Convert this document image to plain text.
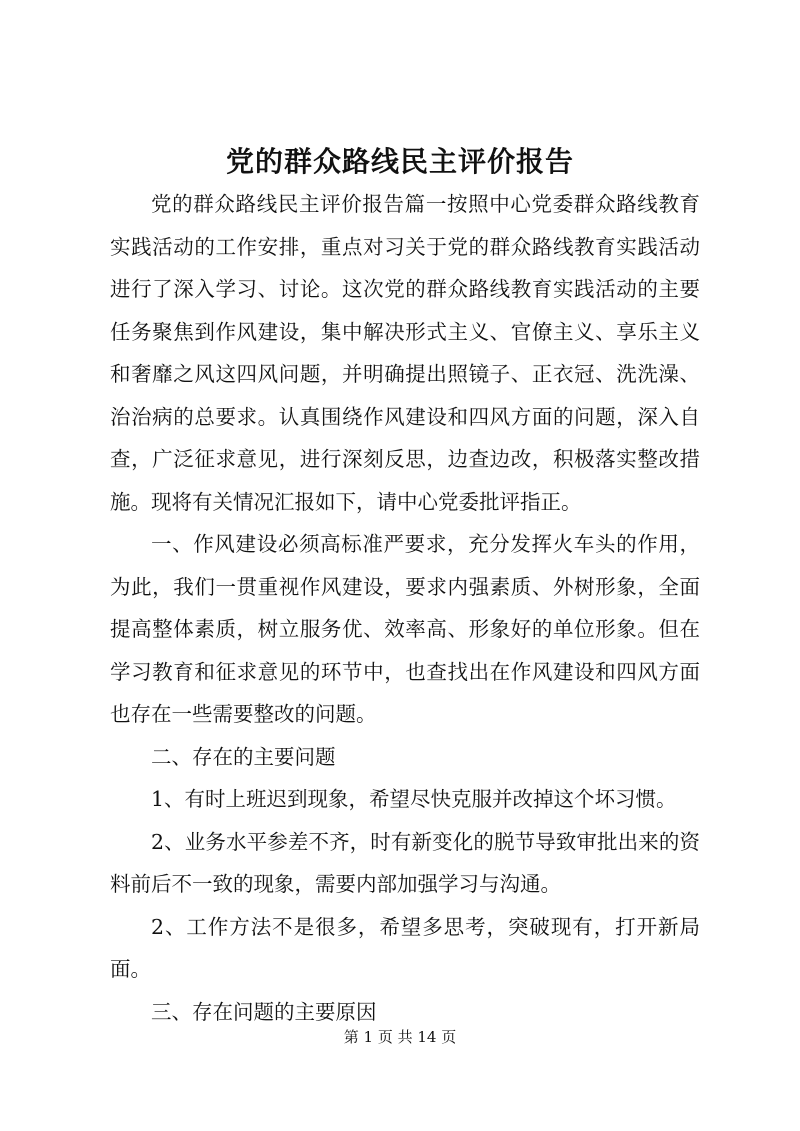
党的群众路线民主评价报告

党的群众路线民主评价报告篇一按照中心党委群众路线教育实践活动的工作安排，重点对习关于党的群众路线教育实践活动进行了深入学习、讨论。这次党的群众路线教育实践活动的主要任务聚焦到作风建设，集中解决形式主义、官僚主义、享乐主义和奢靡之风这四风问题，并明确提出照镜子、正衣冠、洗洗澡、治治病的总要求。认真围绕作风建设和四风方面的问题，深入自查，广泛征求意见，进行深刻反思，边查边改，积极落实整改措施。现将有关情况汇报如下，请中心党委批评指正。

一、作风建设必须高标准严要求，充分发挥火车头的作用，为此，我们一贯重视作风建设，要求内强素质、外树形象，全面提高整体素质，树立服务优、效率高、形象好的单位形象。但在学习教育和征求意见的环节中，也查找出在作风建设和四风方面也存在一些需要整改的问题。

二、存在的主要问题

1、有时上班迟到现象，希望尽快克服并改掉这个坏习惯。

2、业务水平参差不齐，时有新变化的脱节导致审批出来的资料前后不一致的现象，需要内部加强学习与沟通。

2、工作方法不是很多，希望多思考，突破现有，打开新局面。

三、存在问题的主要原因

第 1 页 共 14 页
